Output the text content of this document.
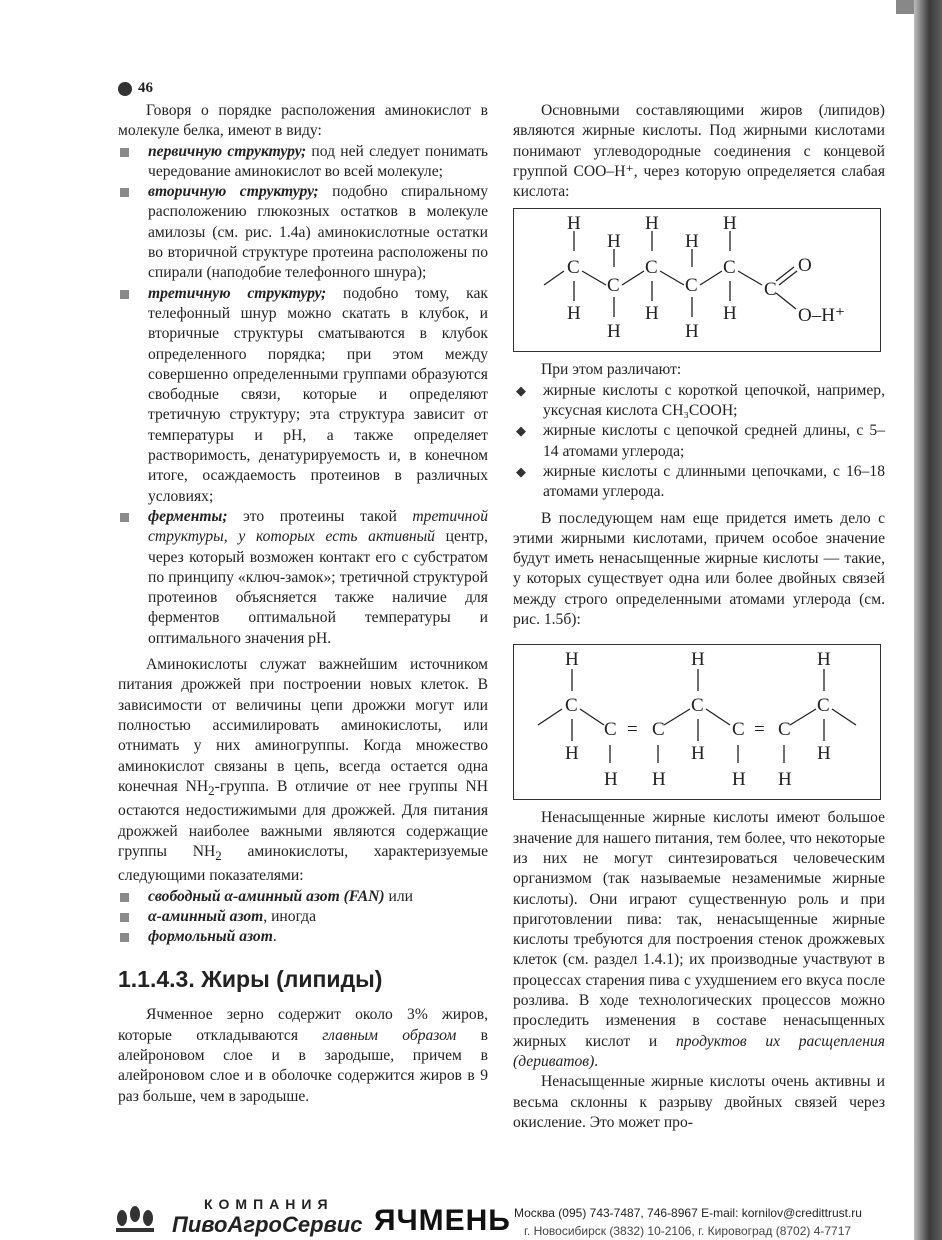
46

Говоря о порядке расположения аминокислот в молекуле белка, имеют в виду:

первичную структуру; под ней следует понимать чередование аминокислот во всей молекуле;
вторичную структуру; подобно спиральному расположению глюкозных остатков в молекуле амилозы (см. рис. 1.4а) аминокислотные остатки во вторичной структуре протеина расположены по спирали (наподобие телефонного шнура);
третичную структуру; подобно тому, как телефонный шнур можно скатать в клубок, и вторичные структуры сматываются в клубок определенного порядка; при этом между совершенно определенными группами образуются свободные связи, которые и определяют третичную структуру; эта структура зависит от температуры и pH, а также определяет растворимость, денатурируемость и, в конечном итоге, осаждаемость протеинов в различных условиях;
ферменты; это протеины такой третичной структуры, у которых есть активный центр, через который возможен контакт его с субстратом по принципу «ключ-замок»; третичной структурой протеинов объясняется также наличие для ферментов оптимальной температуры и оптимального значения pH.

Аминокислоты служат важнейшим источником питания дрожжей при построении новых клеток. В зависимости от величины цепи дрожжи могут или полностью ассимилировать аминокислоты, или отнимать у них аминогруппы. Когда множество аминокислот связаны в цепь, всегда остается одна конечная $NH_2$-группа. В отличие от нее группы NH остаются недостижимыми для дрожжей. Для питания дрожжей наиболее важными являются содержащие группы $NH_2$ аминокислоты, характеризуемые следующими показателями:

свободный α-аминный азот (FAN) или
α-аминный азот, иногда
формольный азот.
1.1.4.3. Жиры (липиды)

Ячменное зерно содержит около 3% жиров, которые откладываются главным образом в алейроновом слое и в зародыше, причем в алейроновом слое и в оболочке содержится жиров в 9 раз больше, чем в зародыше.

Основными составляющими жиров (липидов) являются жирные кислоты. Под жирными кислотами понимают углеводородные соединения с концевой группой COO–H⁺, через которую определяется слабая кислота:

H
C
H
H
C
H
H
C
H
H
C
H
H
C
H
C
O
O–H⁺

При этом различают:

◆ жирные кислоты с короткой цепочкой, например, уксусная кислота CH₃COOH;
◆ жирные кислоты с цепочкой средней длины, с 5–14 атомами углерода;
◆ жирные кислоты с длинными цепочками, с 16–18 атомами углерода.

В последующем нам еще придется иметь дело с этими жирными кислотами, причем особое значение будут иметь ненасыщенные жирные кислоты — такие, у которых существует одна или более двойных связей между строго определенными атомами углерода (см. рис. 1.5б):

H
C
H
C = C
H H
H
C
H
C = C
H H
H
C
H

Ненасыщенные жирные кислоты имеют большое значение для нашего питания, тем более, что некоторые из них не могут синтезироваться человеческим организмом (так называемые незаменимые жирные кислоты). Они играют существенную роль и при приготовлении пива: так, ненасыщенные жирные кислоты требуются для построения стенок дрожжевых клеток (см. раздел 1.4.1); их производные участвуют в процессах старения пива с ухудшением его вкуса после розлива. В ходе технологических процессов можно проследить изменения в составе ненасыщенных жирных кислот и продуктов их расщепления (дериватов).

Ненасыщенные жирные кислоты очень активны и весьма склонны к разрыву двойных связей через окисление. Это может про-

КОМПАНИЯ
ПивоАгроСервис ЯЧМЕНЬ Москва (095) 743-7487, 746-8967 E-mail: kornilov@credittrust.ru
г. Новосибирск (3832) 10-2106, г. Кировоград (8702) 4-7717
